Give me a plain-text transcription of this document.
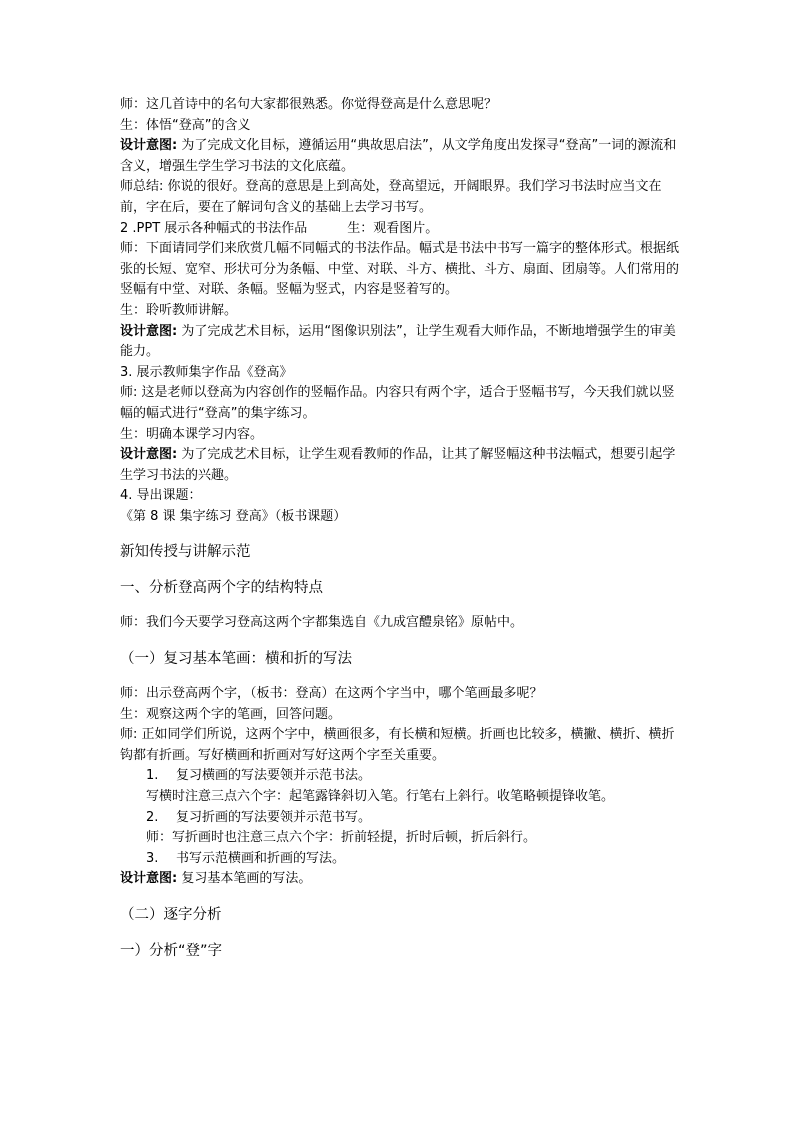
师：这几首诗中的名句大家都很熟悉。你觉得登高是什么意思呢？

生：体悟“登高”的含义

设计意图: 为了完成文化目标，遵循运用“典故思启法”，从文学角度出发探寻“登高”一词的源流和含义，增强生学生学习书法的文化底蕴。

师总结: 你说的很好。登高的意思是上到高处，登高望远，开阔眼界。我们学习书法时应当文在前，字在后，要在了解词句含义的基础上去学习书写。

2 .PPT 展示各种幅式的书法作品	生：观看图片。

师：下面请同学们来欣赏几幅不同幅式的书法作品。幅式是书法中书写一篇字的整体形式。根据纸张的长短、宽窄、形状可分为条幅、中堂、对联、斗方、横批、斗方、扇面、团扇等。人们常用的竖幅有中堂、对联、条幅。竖幅为竖式，内容是竖着写的。

生：聆听教师讲解。

设计意图: 为了完成艺术目标，运用“图像识别法”，让学生观看大师作品，不断地增强学生的审美能力。

3. 展示教师集字作品《登高》

师: 这是老师以登高为内容创作的竖幅作品。内容只有两个字，适合于竖幅书写，今天我们就以竖幅的幅式进行“登高”的集字练习。

生：明确本课学习内容。

设计意图: 为了完成艺术目标，让学生观看教师的作品，让其了解竖幅这种书法幅式，想要引起学生学习书法的兴趣。

4. 导出课题：

《第 8 课 集字练习 登高》（板书课题）

新知传授与讲解示范

一、分析登高两个字的结构特点

师：我们今天要学习登高这两个字都集选自《九成宫醴泉铭》原帖中。

（一）复习基本笔画：横和折的写法

师：出示登高两个字，（板书：登高）在这两个字当中，哪个笔画最多呢？

生：观察这两个字的笔画，回答问题。

师: 正如同学们所说，这两个字中，横画很多，有长横和短横。折画也比较多，横撇、横折、横折钩都有折画。写好横画和折画对写好这两个字至关重要。

1. 复习横画的写法要领并示范书法。

写横时注意三点六个字：起笔露锋斜切入笔。行笔右上斜行。收笔略顿提锋收笔。

2. 复习折画的写法要领并示范书写。

师：写折画时也注意三点六个字：折前轻提，折时后顿，折后斜行。

3. 书写示范横画和折画的写法。

设计意图: 复习基本笔画的写法。

（二）逐字分析

一）分析“登”字
